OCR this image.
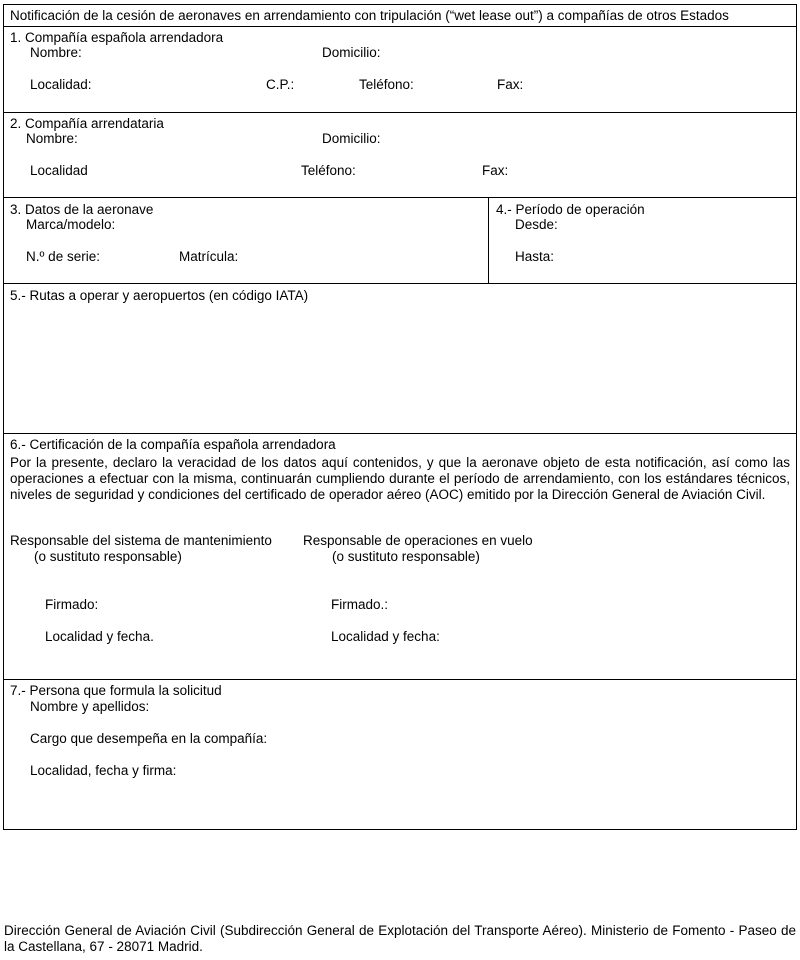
Notificación de la cesión de aeronaves en arrendamiento con tripulación (“wet lease out”) a compañías de otros Estados
1. Compañía española arrendadora
Nombre:	Domicilio:
Localidad:	C.P.:	Teléfono:	Fax:
2. Compañía arrendataria
Nombre:	Domicilio:
Localidad	Teléfono:	Fax:
3. Datos de la aeronave
Marca/modelo:
N.º de serie:	Matrícula:
4.- Período de operación
Desde:
Hasta:
5.- Rutas a operar y aeropuertos (en código IATA)
6.- Certificación de la compañía española arrendadora
Por la presente, declaro la veracidad de los datos aquí contenidos, y que la aeronave objeto de esta notificación, así como las operaciones a efectuar con la misma, continuarán cumpliendo durante el período de arrendamiento, con los estándares técnicos, niveles de seguridad y condiciones del certificado de operador aéreo (AOC) emitido por la Dirección General de Aviación Civil.
Responsable del sistema de mantenimiento
(o sustituto responsable)
Responsable de operaciones en vuelo
(o sustituto responsable)
Firmado:	Firmado.:
Localidad y fecha.	Localidad y fecha:
7.- Persona que formula la solicitud
Nombre y apellidos:
Cargo que desempeña en la compañía:
Localidad, fecha y firma:
Dirección General de Aviación Civil (Subdirección General de Explotación del Transporte Aéreo). Ministerio de Fomento - Paseo de la Castellana, 67 - 28071 Madrid.
